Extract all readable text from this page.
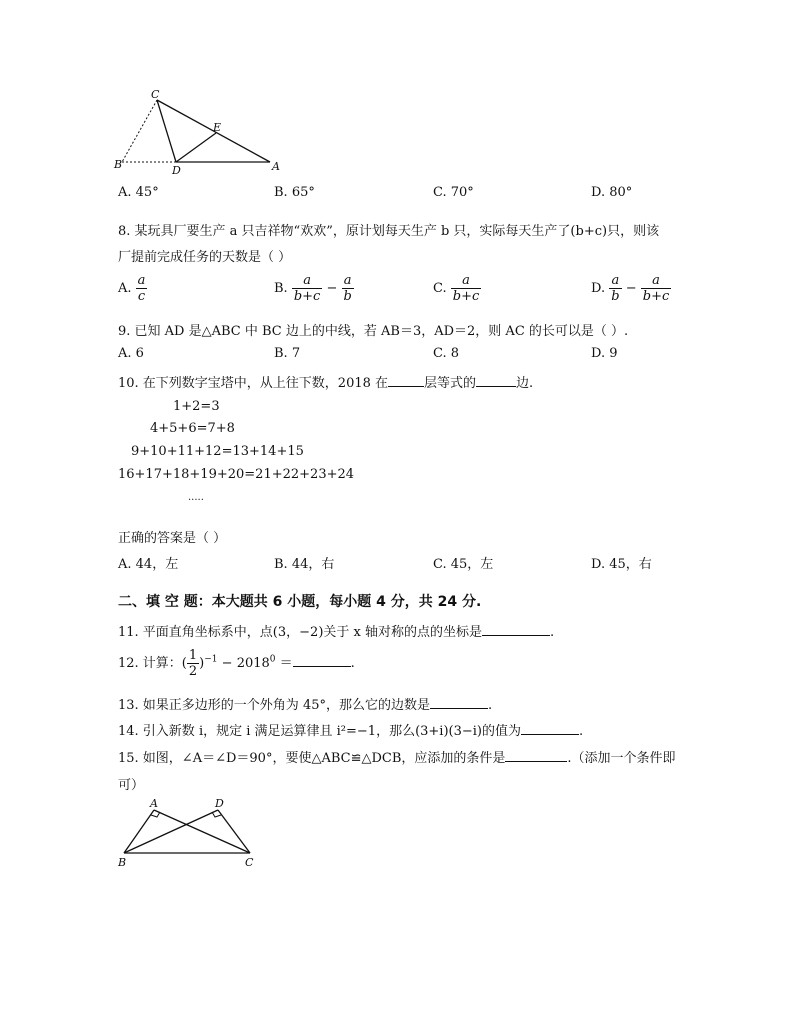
C
E
B	D	A
A. 45°	B. 65°	C. 70°	D. 80°
8. 某玩具厂要生产 a 只吉祥物“欢欢”，原计划每天生产 b 只，实际每天生产了(b+c)只，则该
厂提前完成任务的天数是（ ）
A. $\frac{a}{c}$	B. $\frac{a}{b+c} - \frac{a}{b}$	C. $\frac{a}{b+c}$	D. $\frac{a}{b} - \frac{a}{b+c}$
9. 已知 AD 是△ABC 中 BC 边上的中线，若 AB＝3，AD＝2，则 AC 的长可以是（ ）.
A. 6	B. 7	C. 8	D. 9
10. 在下列数字宝塔中，从上往下数，2018 在	层等式的	边.
1+2=3
4+5+6=7+8
9+10+11+12=13+14+15
16+17+18+19+20=21+22+23+24
.....
正确的答案是（ ）
A. 44，左	B. 44，右	C. 45，左	D. 45，右
二、填 空 题：本大题共 6 小题，每小题 4 分，共 24 分.
11. 平面直角坐标系中，点(3，−2)关于 x 轴对称的点的坐标是	.
12. 计算：( $\frac{1}{2} )^{-1} - 2018^0$ ＝	.
13. 如果正多边形的一个外角为 45°，那么它的边数是	.
14. 引入新数 i，规定 i 满足运算律且 i²=−1，那么(3+i)(3−i)的值为	.
15. 如图，∠A＝∠D＝90°，要使△ABC≌△DCB，应添加的条件是	.（添加一个条件即
可）
A	D
B	C
